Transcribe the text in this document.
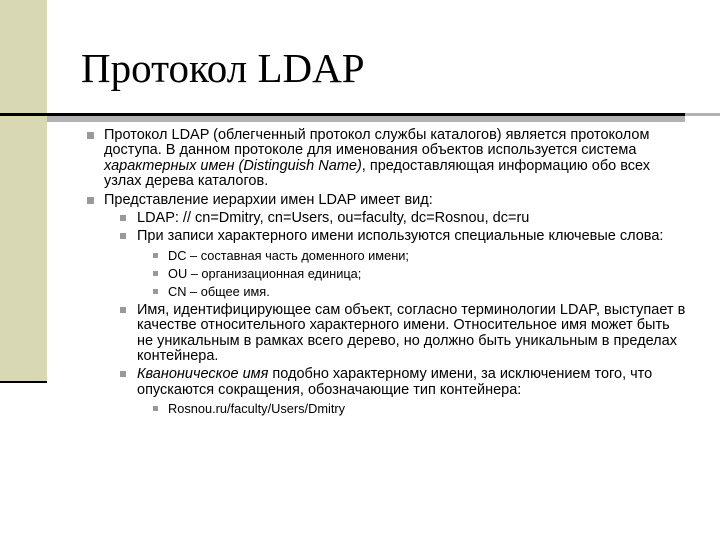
Протокол LDAP

Протокол LDAP (облегченный протокол службы каталогов) является протоколом доступа. В данном протоколе для именования объектов используется система характерных имен (Distinguish Name), предоставляющая информацию обо всех узлах дерева каталогов.

Представление иерархии имен LDAP имеет вид:

LDAP: // cn=Dmitry, cn=Users, ou=faculty, dc=Rosnou, dc=ru

При записи характерного имени используются специальные ключевые слова:

DC – составная часть доменного имени;

OU – организационная единица;

CN – общее имя.

Имя, идентифицирующее сам объект, согласно терминологии LDAP, выступает в качестве относительного характерного имени. Относительное имя может быть не уникальным в рамках всего дерево, но должно быть уникальным в пределах контейнера.

Кваноническое имя подобно характерному имени, за исключением того, что опускаются сокращения, обозначающие тип контейнера:

Rosnou.ru/faculty/Users/Dmitry
